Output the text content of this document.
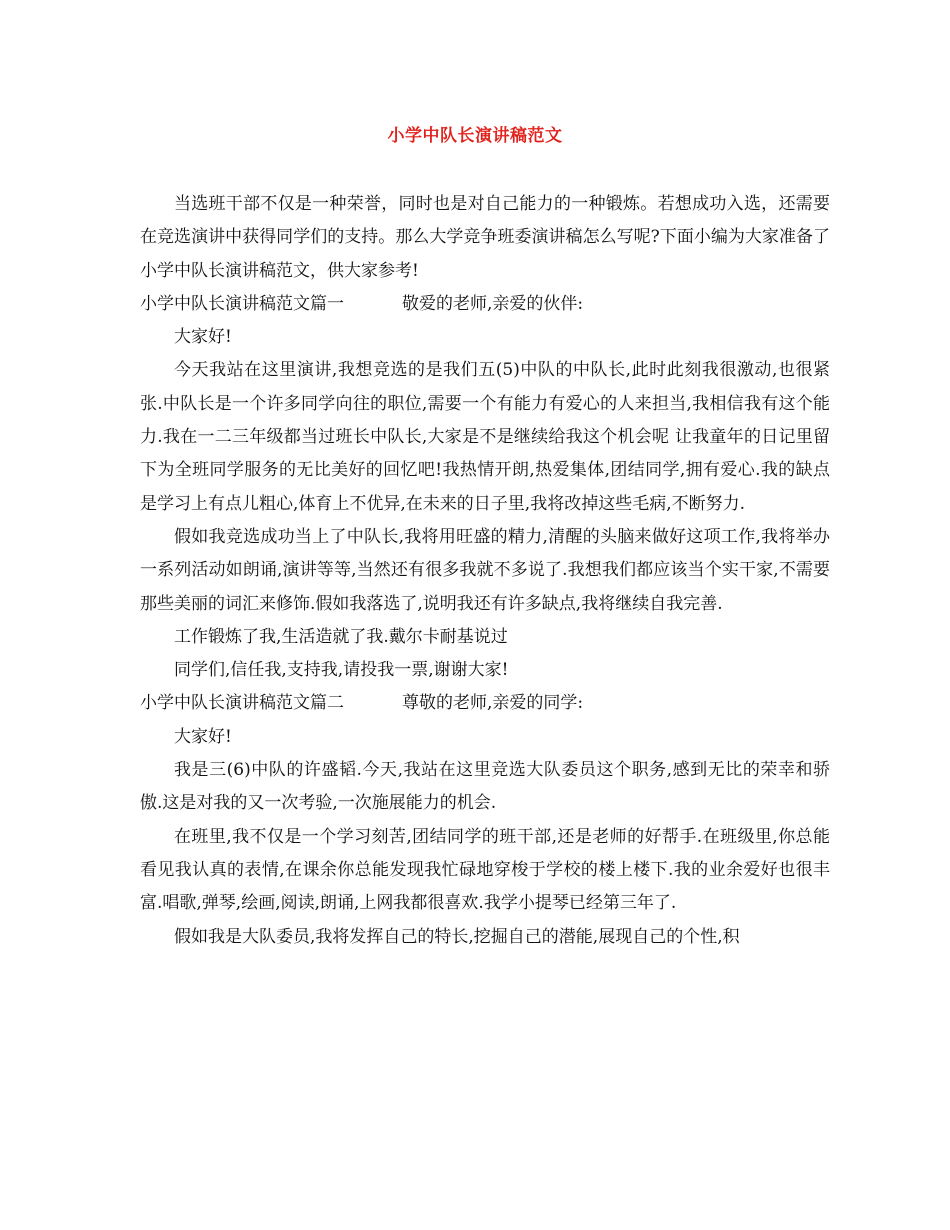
小学中队长演讲稿范文

当选班干部不仅是一种荣誉，同时也是对自己能力的一种锻炼。若想成功入选，还需要在竞选演讲中获得同学们的支持。那么大学竞争班委演讲稿怎么写呢?下面小编为大家准备了小学中队长演讲稿范文，供大家参考!

小学中队长演讲稿范文篇一	敬爱的老师,亲爱的伙伴:

大家好!

今天我站在这里演讲,我想竞选的是我们五(5)中队的中队长,此时此刻我很激动,也很紧张.中队长是一个许多同学向往的职位,需要一个有能力有爱心的人来担当,我相信我有这个能力.我在一二三年级都当过班长中队长,大家是不是继续给我这个机会呢 让我童年的日记里留下为全班同学服务的无比美好的回忆吧!我热情开朗,热爱集体,团结同学,拥有爱心.我的缺点是学习上有点儿粗心,体育上不优异,在未来的日子里,我将改掉这些毛病,不断努力.

假如我竞选成功当上了中队长,我将用旺盛的精力,清醒的头脑来做好这项工作,我将举办一系列活动如朗诵,演讲等等,当然还有很多我就不多说了.我想我们都应该当个实干家,不需要那些美丽的词汇来修饰.假如我落选了,说明我还有许多缺点,我将继续自我完善.

工作锻炼了我,生活造就了我.戴尔卡耐基说过

同学们,信任我,支持我,请投我一票,谢谢大家!

小学中队长演讲稿范文篇二	尊敬的老师,亲爱的同学:

大家好!

我是三(6)中队的许盛韬.今天,我站在这里竞选大队委员这个职务,感到无比的荣幸和骄傲.这是对我的又一次考验,一次施展能力的机会.

在班里,我不仅是一个学习刻苦,团结同学的班干部,还是老师的好帮手.在班级里,你总能看见我认真的表情,在课余你总能发现我忙碌地穿梭于学校的楼上楼下.我的业余爱好也很丰富.唱歌,弹琴,绘画,阅读,朗诵,上网我都很喜欢.我学小提琴已经第三年了.

假如我是大队委员,我将发挥自己的特长,挖掘自己的潜能,展现自己的个性,积
